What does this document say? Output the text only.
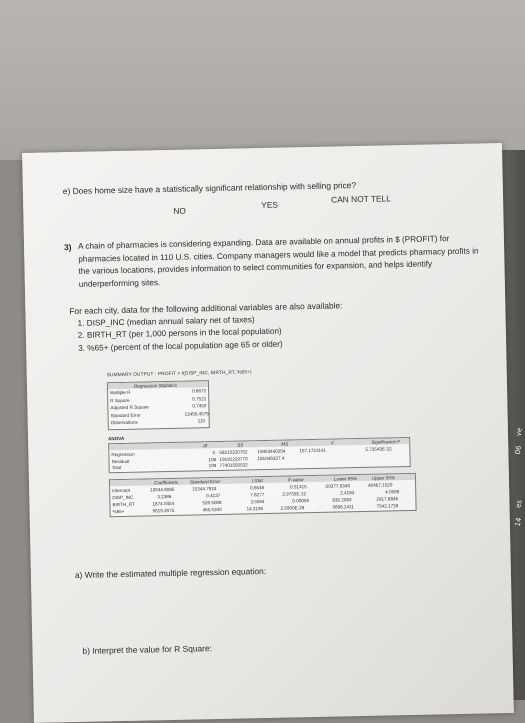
ve
06
es
14
e) Does home size have a statistically significant relationship with selling price?
NO
YES
CAN NOT TELL
3) A chain of pharmacies is considering expanding. Data are available on annual profits in $ (PROFIT) for pharmacies located in 110 U.S. cities. Company managers would like a model that predicts pharmacy profits in the various locations, provides information to select communities for expansion, and helps identify underperforming sites.
For each city, data for the following additional variables are also available:
1. DISP_INC (median annual salary net of taxes)
2. BIRTH_RT (per 1,000 persons in the local population)
3. %65+ (percent of the local population age 65 or older)
SUMMARY OUTPUT - PROFIT = f(DISP_INC, BIRTH_RT, %65+)
Regression Statistics
Multiple R	0.8672
R Square	0.7521
Adjusted R Square	0.7450
Standard Error	13455.4575
Observations	110
ANOVA
df	SS	MS	F	Significance F
Regression	3 58210320762 19403440254	107.1721141	5.72543E-32
Residual	106 19191229770 181049337.4
Total	109 77401550532
Coefficients	Standard Error	t Stat	P-value	Lower 95%	Upper 95%
Intercept	10044.6085	15344.7924	0.6546	0.51415	-20377.9349	40467.1520
DISP_INC	3.2386	0.4137	7.8277	3.9755E-12	2.4183	4.0589
BIRTH_RT	1874.0454	526.5008	3.5594	0.00056	830.2063	2917.8846
%65+	6619.2075	465.5340	14.2185	2.5900E-26	5696.2411	7542.1739
a) Write the estimated multiple regression equation:
b) Interpret the value for R Square:
